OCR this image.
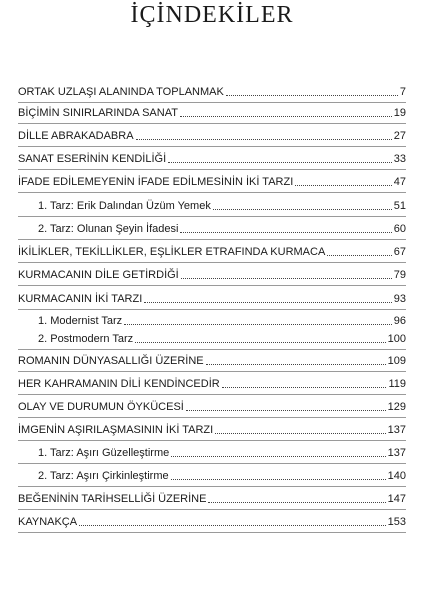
İÇİNDEKİLER
ORTAK UZLAŞI ALANINDA TOPLANMAK	7
BİÇİMİN SINIRLARINDA SANAT	19
DİLLE ABRAKADABRA	27
SANAT ESERİNİN KENDİLİĞİ	33
İFADE EDİLEMEYENİN İFADE EDİLMESİNİN İKİ TARZI	47
1. Tarz: Erik Dalından Üzüm Yemek	51
2. Tarz: Olunan Şeyin İfadesi	60
İKİLİKLER, TEKİLLİKLER, EŞLİKLER ETRAFINDA KURMACA	67
KURMACANIN DİLE GETİRDİĞİ	79
KURMACANIN İKİ TARZI	93
1. Modernist Tarz	96
2. Postmodern Tarz	100
ROMANIN DÜNYASALLIĞI ÜZERİNE	109
HER KAHRAMANIN DİLİ KENDİNCEDİR	119
OLAY VE DURUMUN ÖYKÜCESİ	129
İMGENİN AŞIRILAŞMASININ İKİ TARZI	137
1. Tarz: Aşırı Güzelleştirme	137
2. Tarz: Aşırı Çirkinleştirme	140
BEĞENİNİN TARİHSELLİĞİ ÜZERİNE	147
KAYNAKÇA	153
